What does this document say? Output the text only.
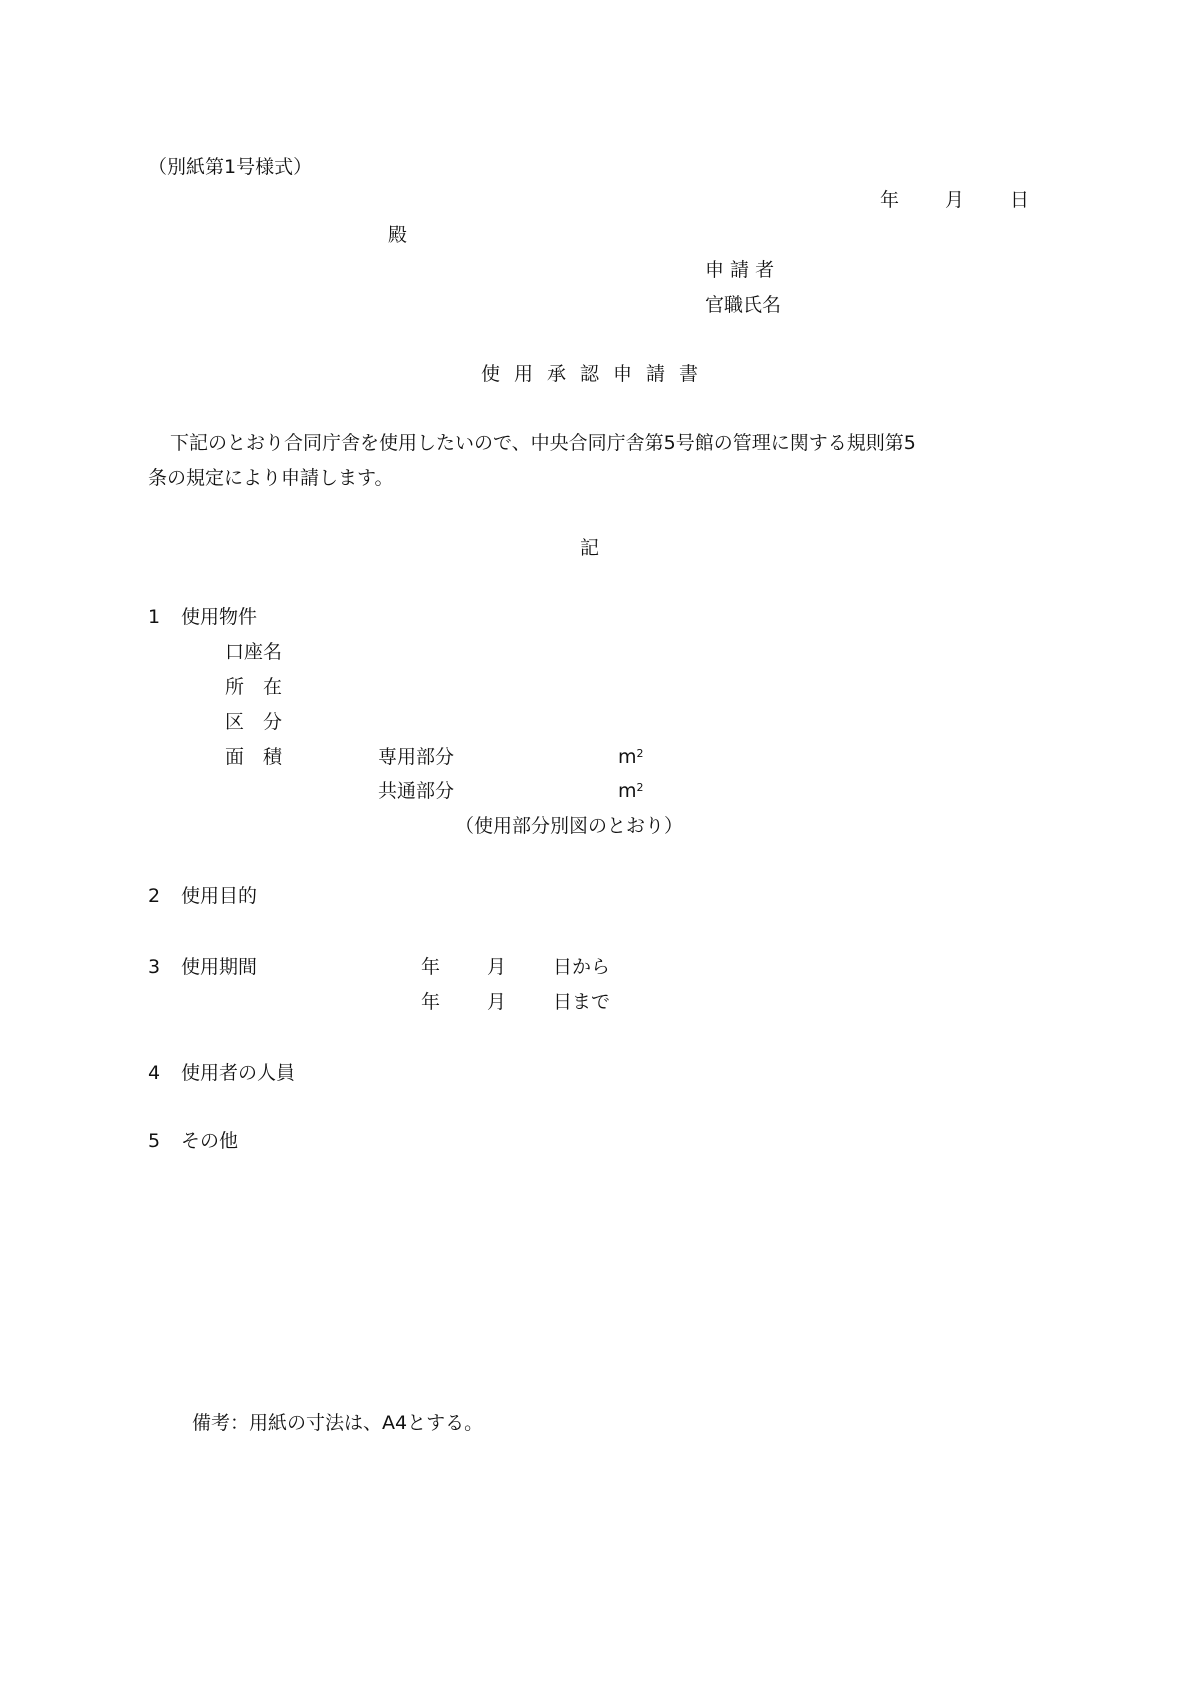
（別紙第1号様式）
年 月 日
殿
申 請 者
官職氏名
使用承認申請書
下記のとおり合同庁舎を使用したいので、中央合同庁舎第5号館の管理に関する規則第5
条の規定により申請します。
記
1 使用物件
口座名
所　在
区　分
面　積	専用部分	$m^2$
共通部分	$m^2$
（使用部分別図のとおり）
2 使用目的
3 使用期間	年 月 日から
年 月 日まで
4 使用者の人員
5 その他
備考：用紙の寸法は、A4とする。
